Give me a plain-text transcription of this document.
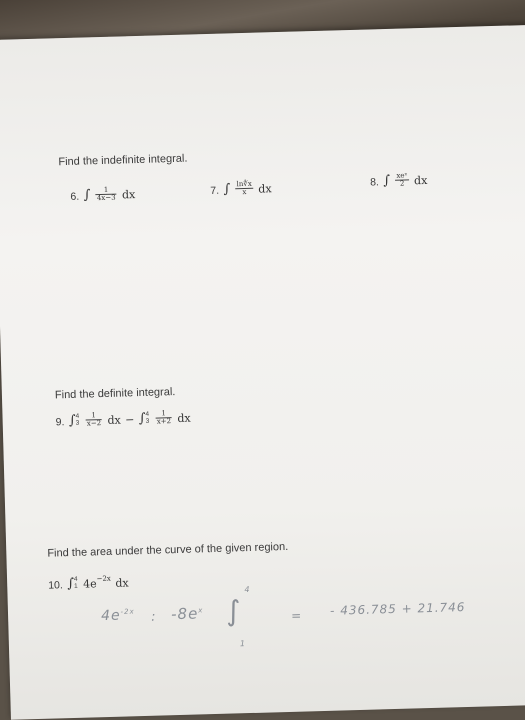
Find the indefinite integral.
6. ∫ $\frac{1}{4x-3}$ dx	7. ∫ $\frac{\ln∜x}{x}$ dx	8. ∫ $\frac{\text{xeˣ}}{2}$ dx
Find the definite integral.
9. ∫ 4
3
$\frac{1}{x-2}$ dx − ∫ 4
3
$\frac{1}{x+2}$ dx
Find the area under the curve of the given region.
10. ∫ 4
1 $4e^{-2x}$ dx
$4e^{-2x}$ : $-8e^x$ ∫
4
1
= - 436.785 + 21.746
